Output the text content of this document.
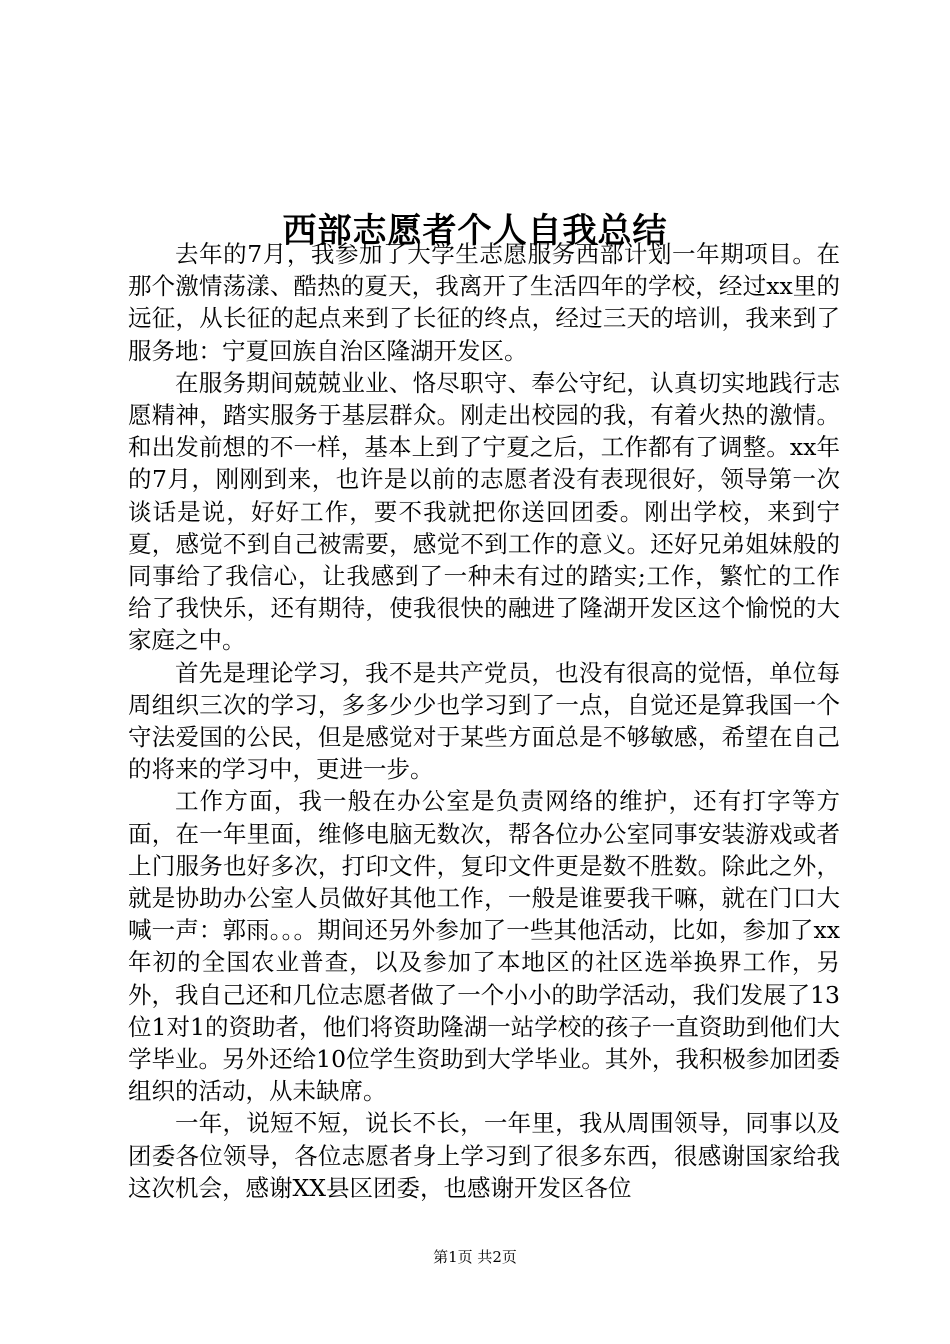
西部志愿者个人自我总结

去年的7月，我参加了大学生志愿服务西部计划一年期项目。在那个激情荡漾、酷热的夏天，我离开了生活四年的学校，经过xx里的远征，从长征的起点来到了长征的终点，经过三天的培训，我来到了服务地：宁夏回族自治区隆湖开发区。

在服务期间兢兢业业、恪尽职守、奉公守纪，认真切实地践行志愿精神，踏实服务于基层群众。刚走出校园的我，有着火热的激情。和出发前想的不一样，基本上到了宁夏之后，工作都有了调整。xx年的7月，刚刚到来，也许是以前的志愿者没有表现很好，领导第一次谈话是说，好好工作，要不我就把你送回团委。刚出学校，来到宁夏，感觉不到自己被需要，感觉不到工作的意义。还好兄弟姐妹般的同事给了我信心，让我感到了一种未有过的踏实;工作，繁忙的工作给了我快乐，还有期待，使我很快的融进了隆湖开发区这个愉悦的大家庭之中。

首先是理论学习，我不是共产党员，也没有很高的觉悟，单位每周组织三次的学习，多多少少也学习到了一点，自觉还是算我国一个守法爱国的公民，但是感觉对于某些方面总是不够敏感，希望在自己的将来的学习中，更进一步。

工作方面，我一般在办公室是负责网络的维护，还有打字等方面，在一年里面，维修电脑无数次，帮各位办公室同事安装游戏或者上门服务也好多次，打印文件，复印文件更是数不胜数。除此之外，就是协助办公室人员做好其他工作，一般是谁要我干嘛，就在门口大喊一声：郭雨。。。期间还另外参加了一些其他活动，比如，参加了xx年初的全国农业普查，以及参加了本地区的社区选举换界工作，另外，我自己还和几位志愿者做了一个小小的助学活动，我们发展了13位1对1的资助者，他们将资助隆湖一站学校的孩子一直资助到他们大学毕业。另外还给10位学生资助到大学毕业。其外，我积极参加团委组织的活动，从未缺席。

一年，说短不短，说长不长，一年里，我从周围领导，同事以及团委各位领导，各位志愿者身上学习到了很多东西，很感谢国家给我这次机会，感谢XX县区团委，也感谢开发区各位

第1页 共2页
